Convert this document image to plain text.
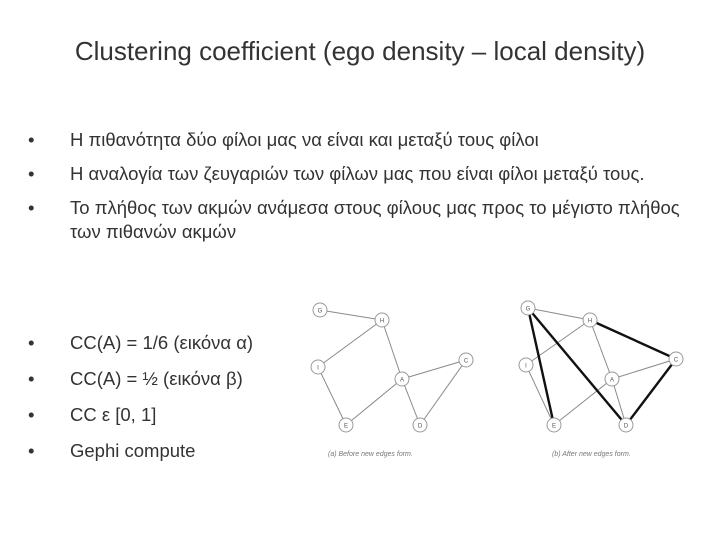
Clustering coefficient (ego density – local density)
•	Η πιθανότητα δύο φίλοι μας να είναι και μεταξύ τους φίλοι
•	Η αναλογία των ζευγαριών των φίλων μας που είναι φίλοι μεταξύ τους.
•	Το πλήθος των ακμών ανάμεσα στους φίλους μας προς το μέγιστο πλήθος των πιθανών ακμών
•	CC(A) = 1/6 (εικόνα α)
•	CC(A) = ½ (εικόνα β)
•	CC ε [0, 1]
•	Gephi compute
G
H
C
I
A
E	D
(a) Before new edges form.
G
H
C
I
A
E	D
(b) After new edges form.
